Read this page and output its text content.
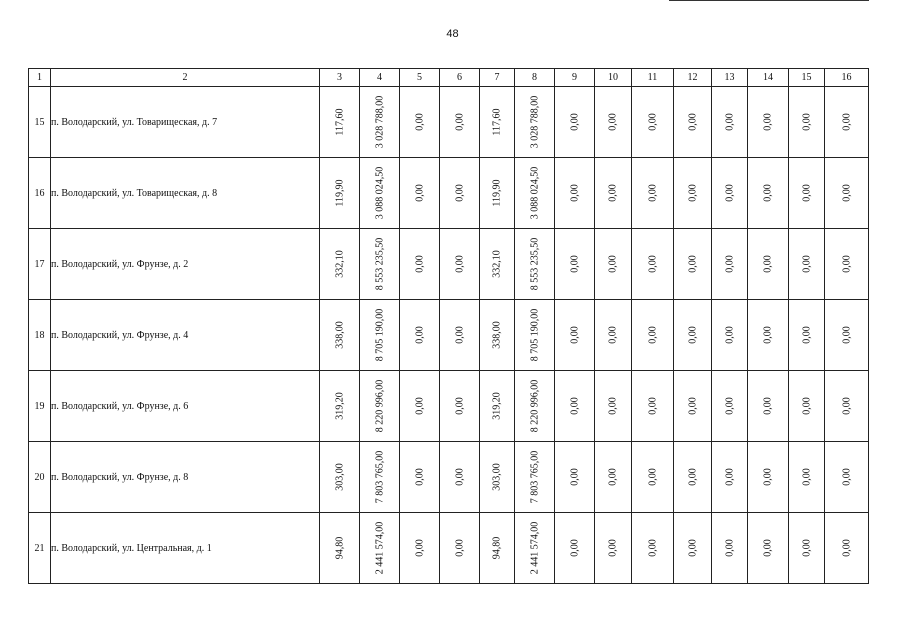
48
1	2	3	4	5	6	7	8	9	10	11	12	13	14	15	16
15	п. Володарский, ул. Товарищеская, д. 7	117,60	3 028 788,00	0,00	0,00	117,60	3 028 788,00	0,00	0,00	0,00	0,00	0,00	0,00	0,00	0,00

16	п. Володарский, ул. Товарищеская, д. 8	119,90	3 088 024,50	0,00	0,00	119,90	3 088 024,50	0,00	0,00	0,00	0,00	0,00	0,00	0,00	0,00

17	п. Володарский, ул. Фрунзе, д. 2	332,10	8 553 235,50	0,00	0,00	332,10	8 553 235,50	0,00	0,00	0,00	0,00	0,00	0,00	0,00	0,00

18	п. Володарский, ул. Фрунзе, д. 4	338,00	8 705 190,00	0,00	0,00	338,00	8 705 190,00	0,00	0,00	0,00	0,00	0,00	0,00	0,00	0,00

19	п. Володарский, ул. Фрунзе, д. 6	319,20	8 220 996,00	0,00	0,00	319,20	8 220 996,00	0,00	0,00	0,00	0,00	0,00	0,00	0,00	0,00

20	п. Володарский, ул. Фрунзе, д. 8	303,00	7 803 765,00	0,00	0,00	303,00	7 803 765,00	0,00	0,00	0,00	0,00	0,00	0,00	0,00	0,00

21	п. Володарский, ул. Центральная, д. 1	94,80	2 441 574,00	0,00	0,00	94,80	2 441 574,00	0,00	0,00	0,00	0,00	0,00	0,00	0,00	0,00
